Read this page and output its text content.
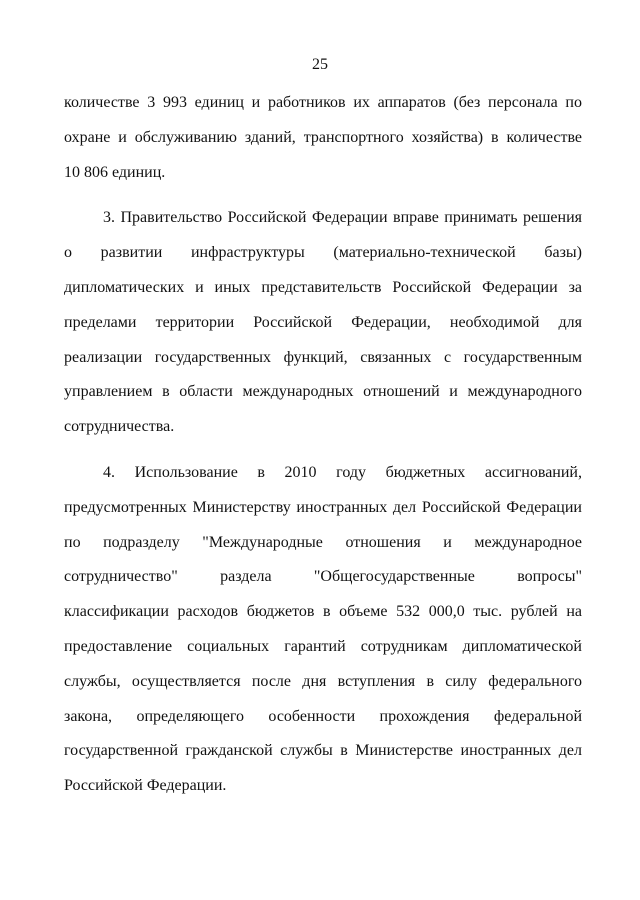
25

количестве 3 993 единиц и работников их аппаратов (без персонала по
охране и обслуживанию зданий, транспортного хозяйства) в количестве
10 806 единиц.

3. Правительство Российской Федерации вправе принимать решения
о развитии инфраструктуры (материально-технической базы)
дипломатических и иных представительств Российской Федерации за
пределами территории Российской Федерации, необходимой для
реализации государственных функций, связанных с государственным
управлением в области международных отношений и международного
сотрудничества.

4. Использование в 2010 году бюджетных ассигнований,
предусмотренных Министерству иностранных дел Российской Федерации
по подразделу "Международные отношения и международное
сотрудничество" раздела "Общегосударственные вопросы"
классификации расходов бюджетов в объеме 532 000,0 тыс. рублей на
предоставление социальных гарантий сотрудникам дипломатической
службы, осуществляется после дня вступления в силу федерального
закона, определяющего особенности прохождения федеральной
государственной гражданской службы в Министерстве иностранных дел
Российской Федерации.
